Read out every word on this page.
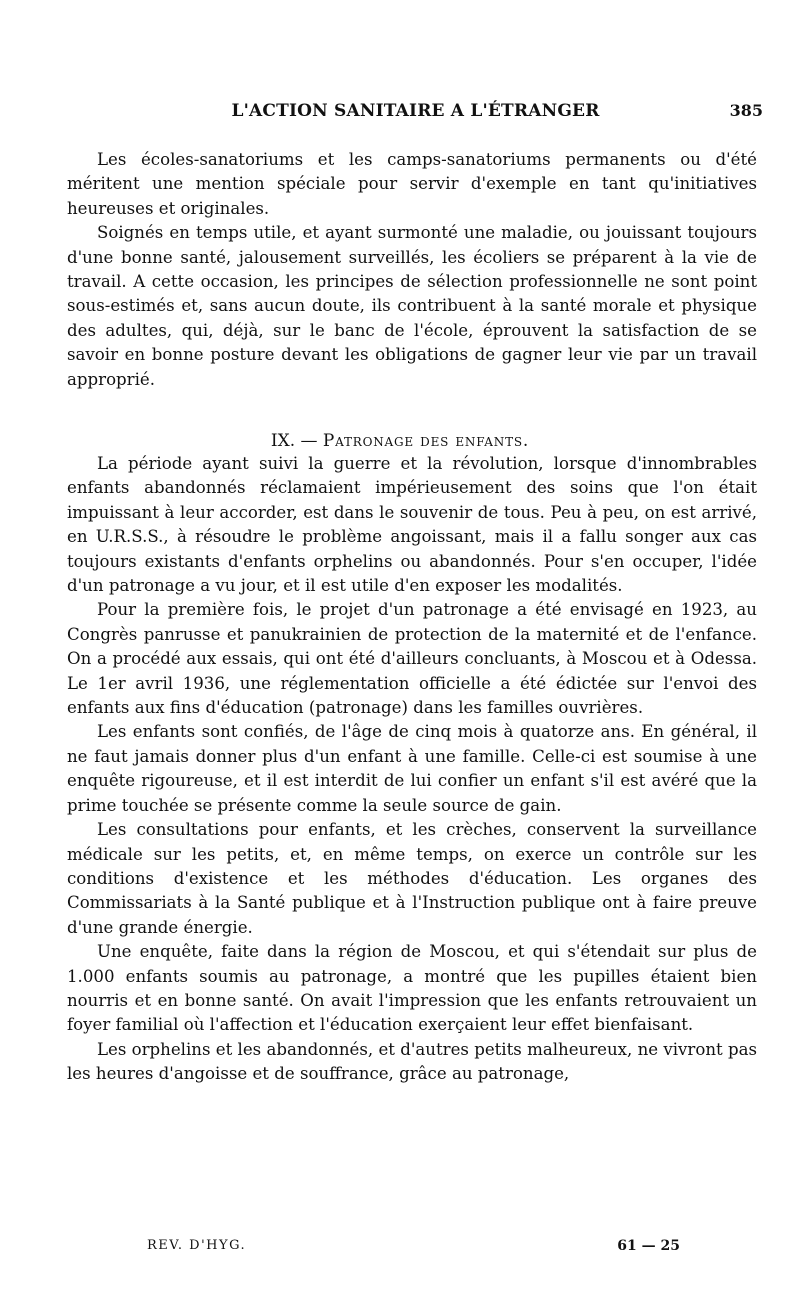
L'ACTION SANITAIRE A L'ÉTRANGER	385

Les écoles-sanatoriums et les camps-sanatoriums permanents ou d'été méritent une mention spéciale pour servir d'exemple en tant qu'initiatives heureuses et originales.

Soignés en temps utile, et ayant surmonté une maladie, ou jouissant toujours d'une bonne santé, jalousement surveillés, les écoliers se préparent à la vie de travail. A cette occasion, les principes de sélection professionnelle ne sont point sous-estimés et, sans aucun doute, ils contribuent à la santé morale et physique des adultes, qui, déjà, sur le banc de l'école, éprouvent la satisfaction de se savoir en bonne posture devant les obligations de gagner leur vie par un travail approprié.

IX. — Patronage des enfants.

La période ayant suivi la guerre et la révolution, lorsque d'innombrables enfants abandonnés réclamaient impérieusement des soins que l'on était impuissant à leur accorder, est dans le souvenir de tous. Peu à peu, on est arrivé, en U.R.S.S., à résoudre le problème angoissant, mais il a fallu songer aux cas toujours existants d'enfants orphelins ou abandonnés. Pour s'en occuper, l'idée d'un patronage a vu jour, et il est utile d'en exposer les modalités.

Pour la première fois, le projet d'un patronage a été envisagé en 1923, au Congrès panrusse et panukrainien de protection de la maternité et de l'enfance. On a procédé aux essais, qui ont été d'ailleurs concluants, à Moscou et à Odessa. Le 1er avril 1936, une réglementation officielle a été édictée sur l'envoi des enfants aux fins d'éducation (patronage) dans les familles ouvrières.

Les enfants sont confiés, de l'âge de cinq mois à quatorze ans. En général, il ne faut jamais donner plus d'un enfant à une famille. Celle-ci est soumise à une enquête rigoureuse, et il est interdit de lui confier un enfant s'il est avéré que la prime touchée se présente comme la seule source de gain.

Les consultations pour enfants, et les crèches, conservent la surveillance médicale sur les petits, et, en même temps, on exerce un contrôle sur les conditions d'existence et les méthodes d'éducation. Les organes des Commissariats à la Santé publique et à l'Instruction publique ont à faire preuve d'une grande énergie.

Une enquête, faite dans la région de Moscou, et qui s'étendait sur plus de 1.000 enfants soumis au patronage, a montré que les pupilles étaient bien nourris et en bonne santé. On avait l'impression que les enfants retrouvaient un foyer familial où l'affection et l'éducation exerçaient leur effet bienfaisant.

Les orphelins et les abandonnés, et d'autres petits malheureux, ne vivront pas les heures d'angoisse et de souffrance, grâce au patronage,

REV. D'HYG.	61 — 25
